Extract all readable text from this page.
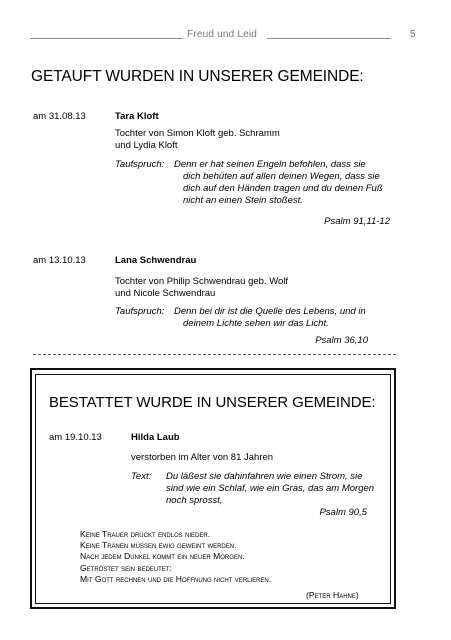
Freud und Leid	5
GETAUFT WURDEN IN UNSERER GEMEINDE:
am 31.08.13	Tara Kloft
Tochter von Simon Kloft geb. Schramm
und Lydia Kloft
Taufspruch: Denn er hat seinen Engeln befohlen, dass sie
dich behüten auf allen deinen Wegen, dass sie
dich auf den Händen tragen und du deinen Fuß
nicht an einen Stein stoßest.
Psalm 91,11-12
am 13.10.13	Lana Schwendrau
Tochter von Philip Schwendrau geb. Wolf
und Nicole Schwendrau
Taufspruch: Denn bei dir ist die Quelle des Lebens, und in
deinem Lichte sehen wir das Licht.
Psalm 36,10
BESTATTET WURDE IN UNSERER GEMEINDE:
am 19.10.13	Hilda Laub
verstorben im Alter von 81 Jahren
Text: Du läßest sie dahinfahren wie einen Strom, sie
sind wie ein Schlaf, wie ein Gras, das am Morgen
noch sprosst,
Psalm 90,5
Keine Trauer drückt endlos nieder.
Keine Tränen müssen ewig geweint werden.
Nach jedem Dunkel kommt ein neuer Morgen.
Getröstet sein bedeutet:
Mit Gott rechnen und die Hoffnung nicht verlieren.
(Peter Hahne)
